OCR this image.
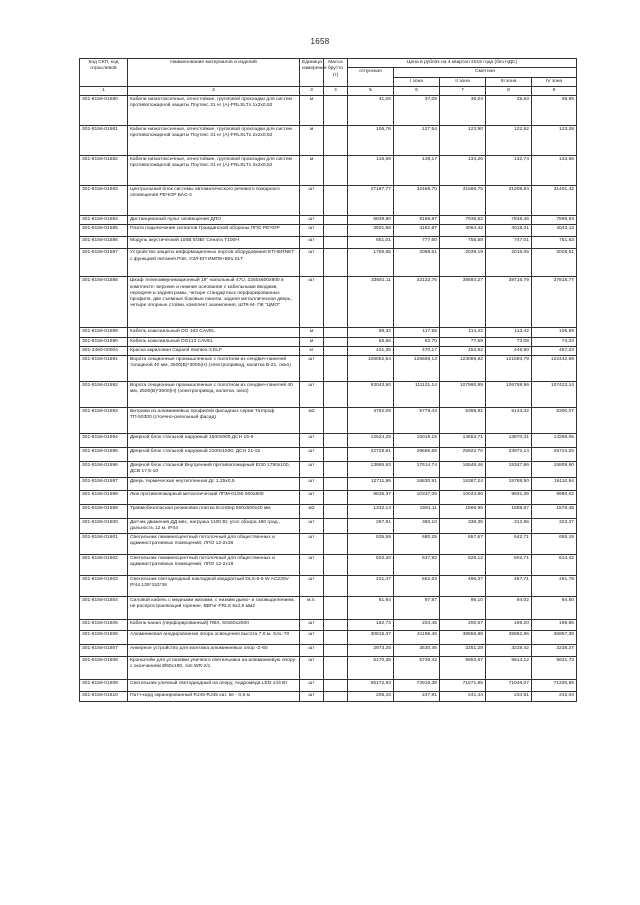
1658
Код СКП, код отраслевой	Наименование материалов и изделий	Единица измерения	Масса брутто (т)	Цена в рублях на 4 квартал 2015 года (без НДС)				
				отпускная	Сметная			
					I зона	II зона	III зона	IV зона
1	2	3	4	5	6	7	8	9
301-8156-01580	Кабели низкотоксичные, огнестойкие, групповой прокладки для систем противопожарной защиты Поутекс 31 нг (А)-FRLSLTx 1х2х0,52	м		31,06	37,09	36,04	35,63	35,85
301-8156-01581	Кабели низкотоксичные, огнестойкие, групповой прокладки для систем противопожарной защиты Поутекс 31 нг (А)-FRLSLTx 2х2х0,52	м		106,76	127,54	123,90	122,52	123,28
301-8156-01582	Кабели низкотоксичные, огнестойкие, групповой прокладки для систем противопожарной защиты Поутекс 31 нг (А)-FRLSLTx 3х2х0,52	м		115,68	138,17	134,26	132,74	133,56
301-8156-01583	Центральный блок системы автоматического речевого пожарного оповещения РЕЧОР БАС-4	шт		27187,77	32468,70	31566,75	31208,84	31401,42
301-8156-01584	Дистанционный пульт оповещения ДПО	шт		6839,80	8169,87	7938,52	7848,46	7896,94
301-8156-01585	Плата подключения сигналов Гражданской обороны ППО РЕЧОР	шт		3501,88	4182,87	4064,42	4018,31	4043,13
301-8156-01586	Модуль акустический 100В 5/3Вт Сената Т100Н	шт		651,01	777,60	755,58	747,01	751,63
301-8156-01587	Устройство защиты информационных портов оборудования ETHERNET с функцией питания PoE, УЗЛ-ЕП ИМП8+В91.01Т	шт		1756,65	2098,61	2039,19	2016,05	2028,51
301-8156-01588	Шкаф телекоммуникационный 19" напольный 47U, 2250х600х800 в комплекте: верхние и нижние основания с кабельными вводами, передняя и задняя рамы, четыре стандартных перфорированных профиля, две съемные боковые панели, задняя металлическая дверь, четыре опорные стойки, комплект заземления, ШТК-М- ПК "ЦМО"	шт		33681,11	42132,76	39584,27	38716,79	37818,77
301-8156-01589	Кабель коаксиальный DG 163 CAVEL	м		98,32	117,55	114,42	113,42	105,59
301-8156-01590	Кабель коаксиальный DG113 CAVEL	м		55,56	62,70	77,59	73,08	74,23
301-3460-00004	Краска акриловая Caparol Samtex-3 ELF	кг		431,35	470,17	452,92	449,90	457,23
301-8156-01591	Ворота секционные промышленные с полотном из сендвич-панелей толщиной 40 мм, 3500(В)*3000(Н) (электропривод, калитка В-21, окно)	шт		106052,54	126669,13	123089,82	121693,79	122442,69
301-8156-01592	Ворота секционные промышленные с полотном из сендвич-панелей 40 мм, 2500(В)*3000(Н) (электропривод, калитка, окно)	шт		93043,50	111131,14	107990,89	106759,96	107423,14
301-8156-01593	Витражи из алюминиевых профилей фасадных серии Татпроф ТП-50300 (стоечно-ригельный фасад)	м2		4792,09	5775,43	5395,91	5144,32	5300,07
301-8156-01594	Дверной блок стальной наружный 1500х900 ДСН 15-9	шт		12624,29	15019,15	14653,71	13870,31	14268,05
301-8156-01595	Дверной блок стальной наружный 2100х1500, ДСН 21-15	шт		22728,81	28665,69	25922,70	24972,14	25724,25
301-8156-01596	Дверной блок стальной Внутренний противопожарный EI30 1750х100, ДСВ 17,5-10	шт		13965,93	17614,74	16546,46	15347,86	15809,90
301-8156-01597	Дверь термическая неутепленная Дс 1,25х0,5	шт		12711,86	16830,91	15387,24	15769,50	16110,94
301-8156-01598	Люк противопожарный металлический ЛПМ-01/60 600х800	шт		8635,37	10337,05	10043,86	9931,35	9990,02
301-8156-01599	Травмобезопасная резиновая плитка EcoStep 500х500х40 мм	м2		1332,14	1591,11	1566,95	1559,67	1578,45
301-8156-01600	Датчик движения ДД мвс, нагрузка 1100 Вт, угол обзора 180 град., дальность 12 м, IP44	шт		267,91	360,10	338,35	313,86	323,27
301-8156-01601	Светильник люминесцентный потолочный для общественных и административных помещений, ЛПО 12-2х36	шт		535,59	680,25	657,67	642,71	655,19
301-8156-01602	Светильник люминесцентный потолочный для общественных и административных помещений, ЛПО 12-2х18	шт		502,20	637,92	626,12	602,71	614,42
301-8156-01603	Светильник светодиодный накладной квадратный DLS-5-5 W AC230V IP44 135*153*36	шт		431,47	552,63	496,37	467,71	481,78
301-8156-01604	Силовой кабель с медными жилами, с низким дымо- и газовыделением, не распространяющий горение, ВВГнг-FRLS 5х2,5 мм2	м.п.		81,94	97,87	95,10	94,02	94,60
301-8156-01605	Кабель-канал (перфорированный) ПВХ, 50х50х2000	шт		182,73	204,45	200,67	199,20	199,86
301-8156-01606	Алюминиевая анодированная опора освещения высота 7,0 м. SAL-70	шт		30815,37	41196,46	38656,88	35862,96	36957,39
301-8156-01607	Анкерное устройство для монтажа алюминиевых опор -Z-60	шт		2973,25	3530,46	3251,28	3228,42	3238,27
301-8156-01608	Кронштейн для установки уличного светильника на алюминиевую опору с окончанием Ø60х180, тип WR-2/1	шт		5170,38	5736,42	5653,67	5614,12	5631,73
301-8156-01609	Светильник уличный светодиодный на опору, Андромеда LED 144 Вт	шт		65172,93	72916,38	71571,95	71046,07	71330,55
301-8156-01610	Патч-корд экранированный RJ45-RJ45 кат. 5е - 0,5 м	шт		205,43	247,81	241,44	234,51	242,04
